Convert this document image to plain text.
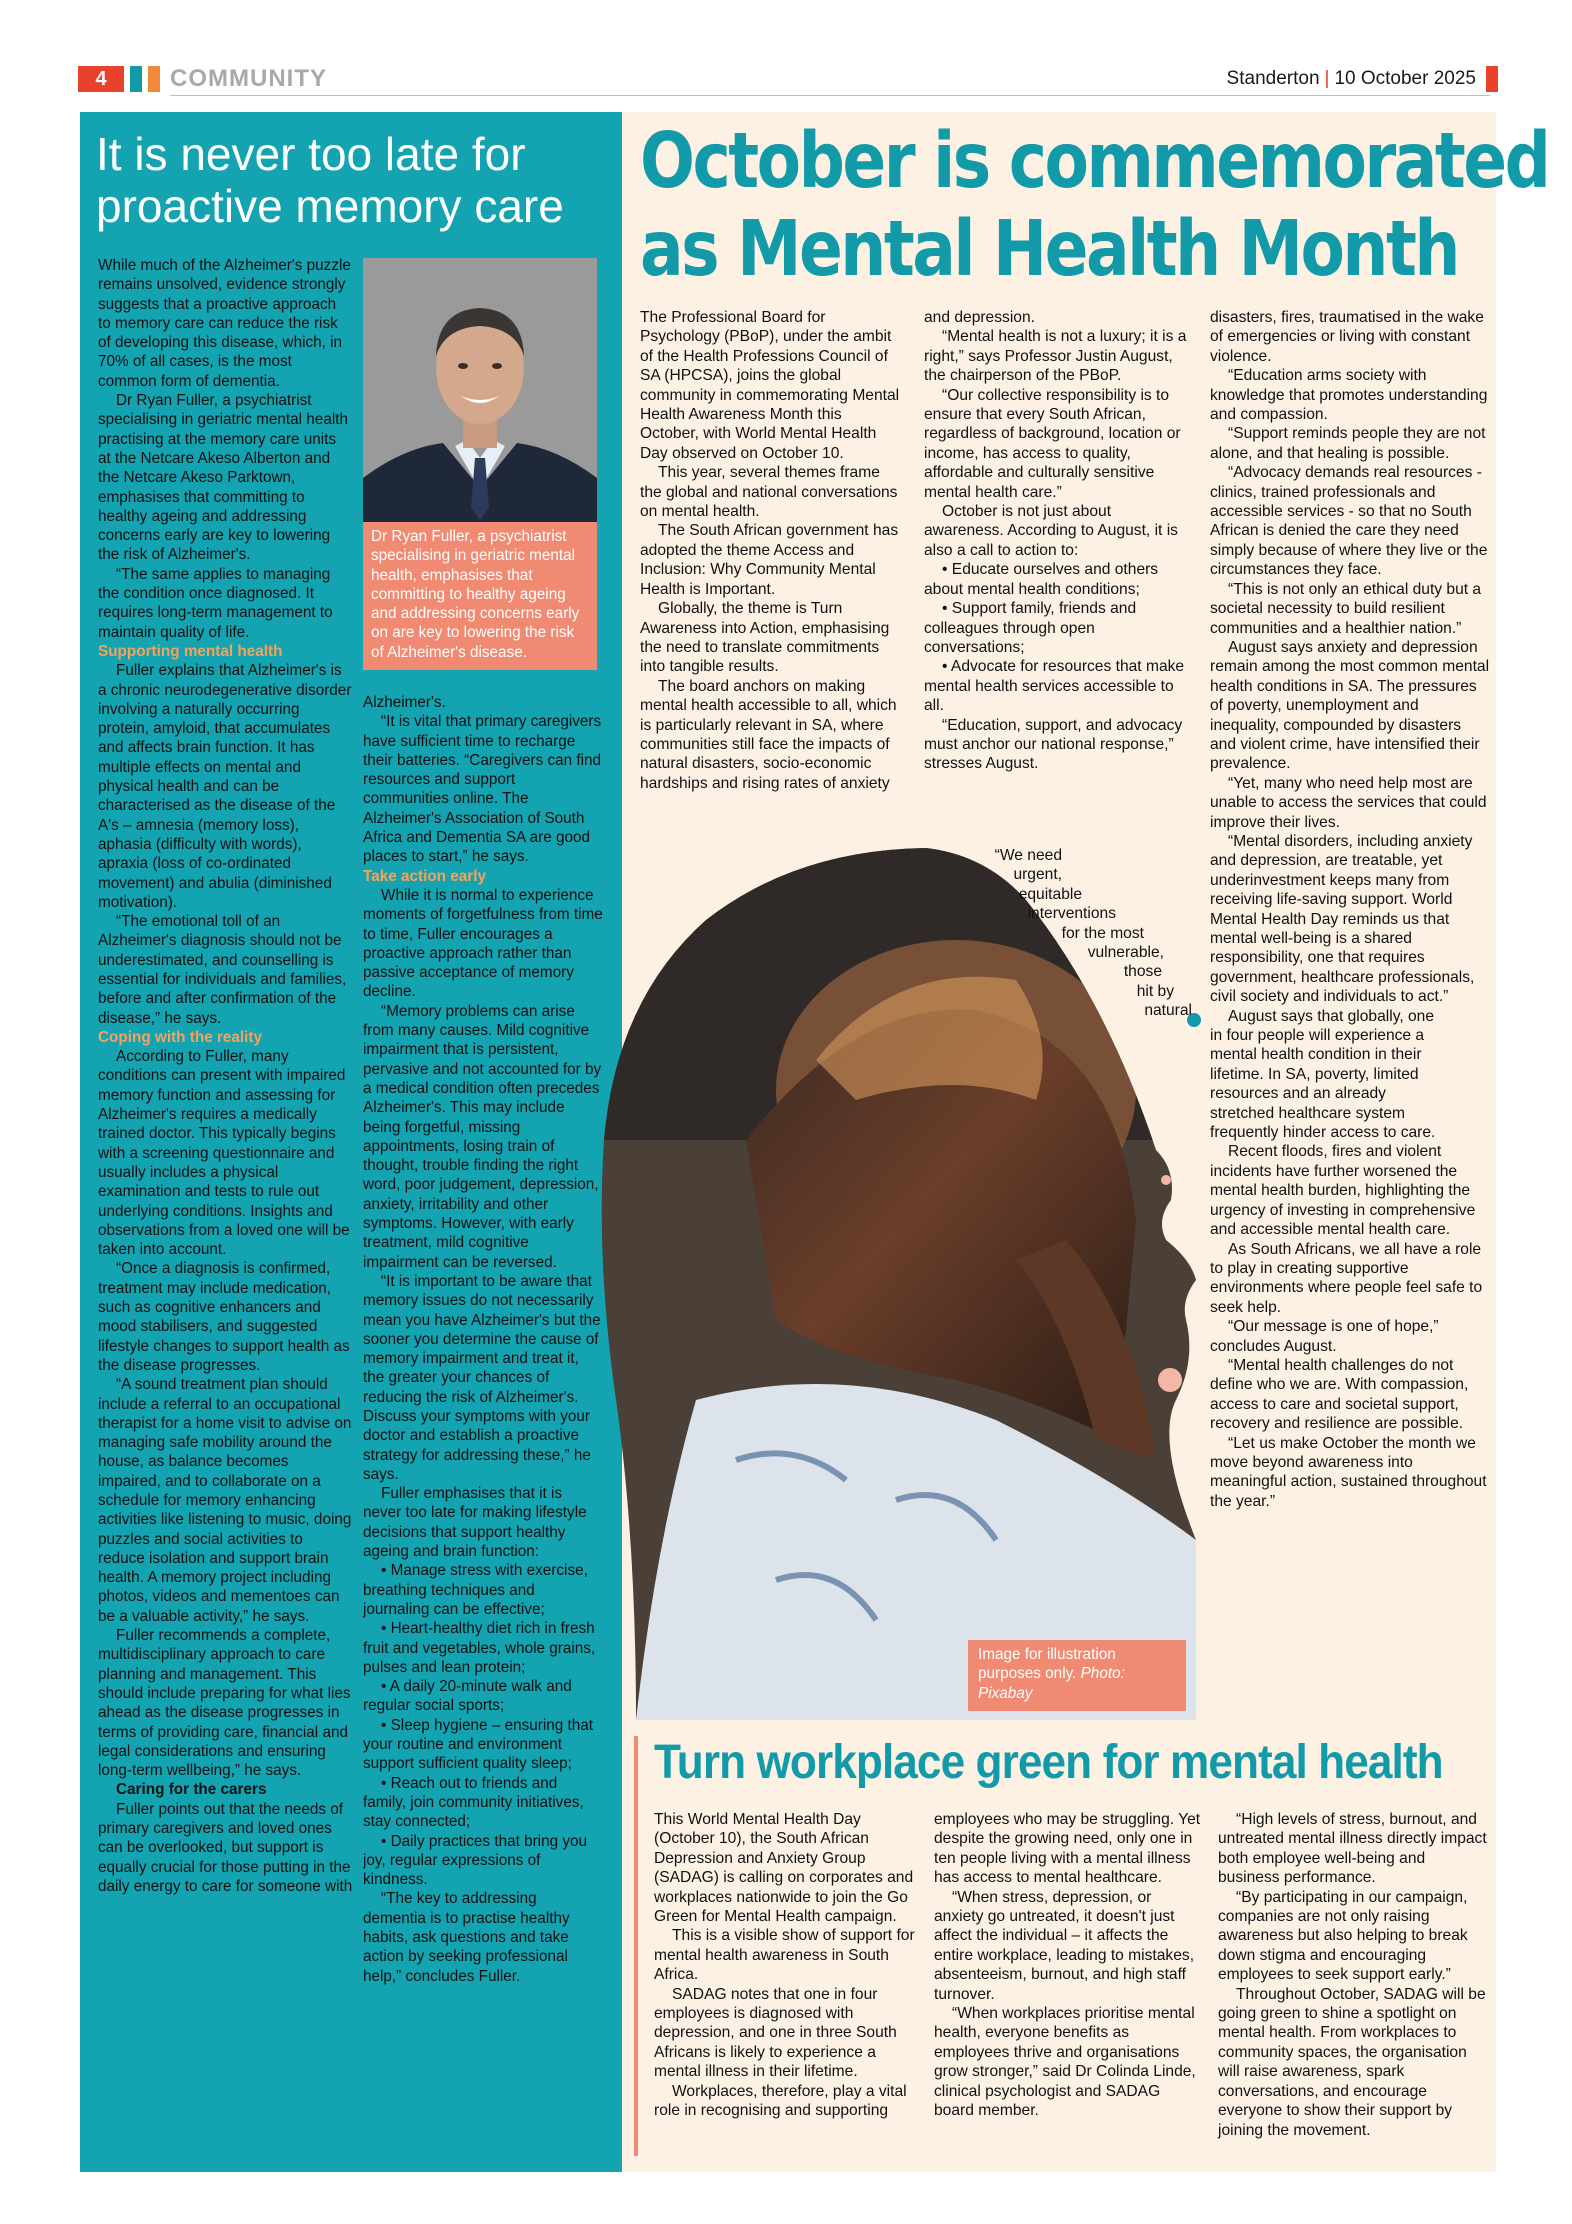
4	COMMUNITY	Standerton | 10 October 2025
It is never too late for proactive memory care

While much of the Alzheimer's puzzle remains unsolved, evidence strongly suggests that a proactive approach to memory care can reduce the risk of developing this disease, which, in 70% of all cases, is the most common form of dementia.

Dr Ryan Fuller, a psychiatrist specialising in geriatric mental health practising at the memory care units at the Netcare Akeso Alberton and the Netcare Akeso Parktown, emphasises that committing to healthy ageing and addressing concerns early are key to lowering the risk of Alzheimer's.

“The same applies to managing the condition once diagnosed. It requires long-term management to maintain quality of life.

Supporting mental health

Fuller explains that Alzheimer's is a chronic neurodegenerative disorder involving a naturally occurring protein, amyloid, that accumulates and affects brain function. It has multiple effects on mental and physical health and can be characterised as the disease of the A's – amnesia (memory loss), aphasia (difficulty with words), apraxia (loss of co-ordinated movement) and abulia (diminished motivation).

“The emotional toll of an Alzheimer's diagnosis should not be underestimated, and counselling is essential for individuals and families, before and after confirmation of the disease,” he says.

Coping with the reality

According to Fuller, many conditions can present with impaired memory function and assessing for Alzheimer's requires a medically trained doctor. This typically begins with a screening questionnaire and usually includes a physical examination and tests to rule out underlying conditions. Insights and observations from a loved one will be taken into account.

“Once a diagnosis is confirmed, treatment may include medication, such as cognitive enhancers and mood stabilisers, and suggested lifestyle changes to support health as the disease progresses.

“A sound treatment plan should include a referral to an occupational therapist for a home visit to advise on managing safe mobility around the house, as balance becomes impaired, and to collaborate on a schedule for memory enhancing activities like listening to music, doing puzzles and social activities to reduce isolation and support brain health. A memory project including photos, videos and mementoes can be a valuable activity,” he says.

Fuller recommends a complete, multidisciplinary approach to care planning and management. This should include preparing for what lies ahead as the disease progresses in terms of providing care, financial and legal considerations and ensuring long-term wellbeing,” he says.

Caring for the carers

Fuller points out that the needs of primary caregivers and loved ones can be overlooked, but support is equally crucial for those putting in the daily energy to care for someone with

Dr Ryan Fuller, a psychiatrist specialising in geriatric mental health, emphasises that committing to healthy ageing and addressing concerns early on are key to lowering the risk of Alzheimer's disease.

Alzheimer's.

“It is vital that primary caregivers have sufficient time to recharge their batteries. “Caregivers can find resources and support communities online. The Alzheimer's Association of South Africa and Dementia SA are good places to start,” he says.

Take action early

While it is normal to experience moments of forgetfulness from time to time, Fuller encourages a proactive approach rather than passive acceptance of memory decline.

“Memory problems can arise from many causes. Mild cognitive impairment that is persistent, pervasive and not accounted for by a medical condition often precedes Alzheimer's. This may include being forgetful, missing appointments, losing train of thought, trouble finding the right word, poor judgement, depression, anxiety, irritability and other symptoms. However, with early treatment, mild cognitive impairment can be reversed.

“It is important to be aware that memory issues do not necessarily mean you have Alzheimer's but the sooner you determine the cause of memory impairment and treat it, the greater your chances of reducing the risk of Alzheimer's. Discuss your symptoms with your doctor and establish a proactive strategy for addressing these,” he says.

Fuller emphasises that it is never too late for making lifestyle decisions that support healthy ageing and brain function:

• Manage stress with exercise, breathing techniques and journaling can be effective;

• Heart-healthy diet rich in fresh fruit and vegetables, whole grains, pulses and lean protein;

• A daily 20-minute walk and regular social sports;

• Sleep hygiene – ensuring that your routine and environment support sufficient quality sleep;

• Reach out to friends and family, join community initiatives, stay connected;

• Daily practices that bring you joy, regular expressions of kindness.

“The key to addressing dementia is to practise healthy habits, ask questions and take action by seeking professional help,” concludes Fuller.

October is commemorated
as Mental Health Month

The Professional Board for Psychology (PBoP), under the ambit of the Health Professions Council of SA (HPCSA), joins the global community in commemorating Mental Health Awareness Month this October, with World Mental Health Day observed on October 10.

This year, several themes frame the global and national conversations on mental health.

The South African government has adopted the theme Access and Inclusion: Why Community Mental Health is Important.

Globally, the theme is Turn Awareness into Action, emphasising the need to translate commitments into tangible results.

The board anchors on making mental health accessible to all, which is particularly relevant in SA, where communities still face the impacts of natural disasters, socio-economic hardships and rising rates of anxiety

and depression.

“Mental health is not a luxury; it is a right,” says Professor Justin August, the chairperson of the PBoP.

“Our collective responsibility is to ensure that every South African, regardless of background, location or income, has access to quality, affordable and culturally sensitive mental health care.”

October is not just about awareness. According to August, it is also a call to action to:

• Educate ourselves and others about mental health conditions;

• Support family, friends and colleagues through open conversations;

• Advocate for resources that make mental health services accessible to all.

“Education, support, and advocacy must anchor our national response,” stresses August.

Image for illustration purposes only. Photo: Pixabay
“We need urgent,
equitable
interventions
for the most
vulnerable,
those
hit by
natural

disasters, fires, traumatised in the wake of emergencies or living with constant violence.

“Education arms society with knowledge that promotes understanding and compassion.

“Support reminds people they are not alone, and that healing is possible.

“Advocacy demands real resources - clinics, trained professionals and accessible services - so that no South African is denied the care they need simply because of where they live or the circumstances they face.

“This is not only an ethical duty but a societal necessity to build resilient communities and a healthier nation.”

August says anxiety and depression remain among the most common mental health conditions in SA. The pressures of poverty, unemployment and inequality, compounded by disasters and violent crime, have intensified their prevalence.

“Yet, many who need help most are unable to access the services that could improve their lives.

“Mental disorders, including anxiety and depression, are treatable, yet underinvestment keeps many from receiving life-saving support. World Mental Health Day reminds us that mental well-being is a shared responsibility, one that requires government, healthcare professionals, civil society and individuals to act.”

August says that globally, one in four people will experience a mental health condition in their lifetime. In SA, poverty, limited resources and an already stretched healthcare system frequently hinder access to care.

Recent floods, fires and violent incidents have further worsened the mental health burden, highlighting the urgency of investing in comprehensive and accessible mental health care.

As South Africans, we all have a role to play in creating supportive environments where people feel safe to seek help.

“Our message is one of hope,” concludes August.

“Mental health challenges do not define who we are. With compassion, access to care and societal support, recovery and resilience are possible.

“Let us make October the month we move beyond awareness into meaningful action, sustained throughout the year.”

Turn workplace green for mental health

This World Mental Health Day (October 10), the South African Depression and Anxiety Group (SADAG) is calling on corporates and workplaces nationwide to join the Go Green for Mental Health campaign.

This is a visible show of support for mental health awareness in South Africa.

SADAG notes that one in four employees is diagnosed with depression, and one in three South Africans is likely to experience a mental illness in their lifetime.

Workplaces, therefore, play a vital role in recognising and supporting

employees who may be struggling. Yet despite the growing need, only one in ten people living with a mental illness has access to mental healthcare.

“When stress, depression, or anxiety go untreated, it doesn't just affect the individual – it affects the entire workplace, leading to mistakes, absenteeism, burnout, and high staff turnover.

“When workplaces prioritise mental health, everyone benefits as employees thrive and organisations grow stronger,” said Dr Colinda Linde, clinical psychologist and SADAG board member.

“High levels of stress, burnout, and untreated mental illness directly impact both employee well-being and business performance.

“By participating in our campaign, companies are not only raising awareness but also helping to break down stigma and encouraging employees to seek support early.”

Throughout October, SADAG will be going green to shine a spotlight on mental health. From workplaces to community spaces, the organisation will raise awareness, spark conversations, and encourage everyone to show their support by joining the movement.
